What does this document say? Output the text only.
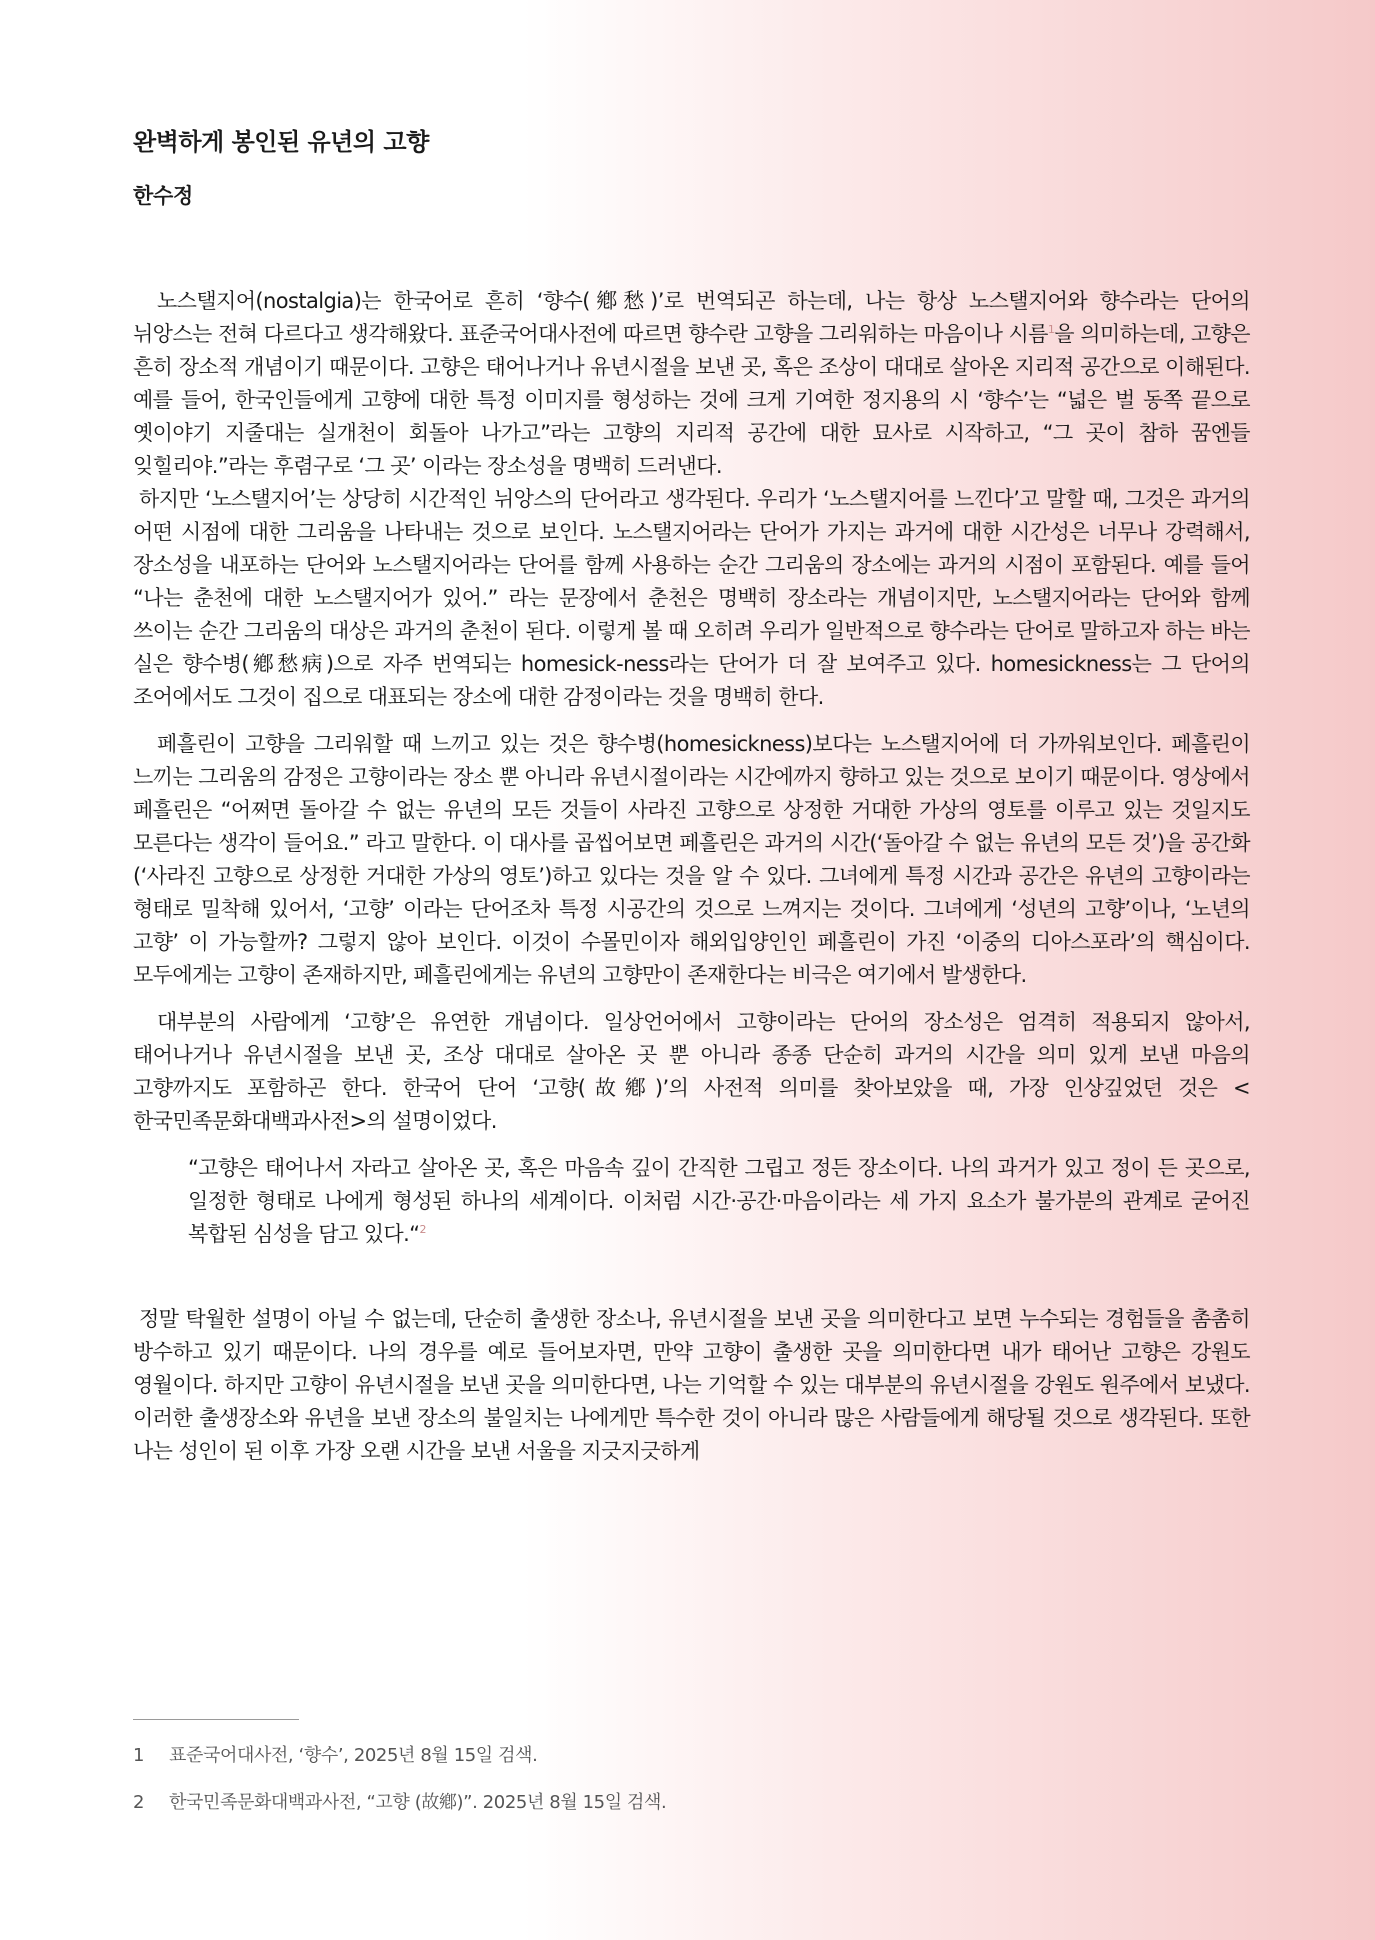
완벽하게 봉인된 유년의 고향
한수정

노스탤지어(nostalgia)는 한국어로 흔히 ‘향수(鄕愁)’로 번역되곤 하는데, 나는 항상 노스탤지어와 향수라는 단어의 뉘앙스는 전혀 다르다고 생각해왔다. 표준국어대사전에 따르면 향수란 고향을 그리워하는 마음이나 시름$^1$을 의미하는데, 고향은 흔히 장소적 개념이기 때문이다. 고향은 태어나거나 유년시절을 보낸 곳, 혹은 조상이 대대로 살아온 지리적 공간으로 이해된다. 예를 들어, 한국인들에게 고향에 대한 특정 이미지를 형성하는 것에 크게 기여한 정지용의 시 ‘향수’는 “넓은 벌 동쪽 끝으로 옛이야기 지줄대는 실개천이 회돌아 나가고”라는 고향의 지리적 공간에 대한 묘사로 시작하고, “그 곳이 참하 꿈엔들 잊힐리야.”라는 후렴구로 ‘그 곳’ 이라는 장소성을 명백히 드러낸다.
하지만 ‘노스탤지어’는 상당히 시간적인 뉘앙스의 단어라고 생각된다. 우리가 ‘노스탤지어를 느낀다’고 말할 때, 그것은 과거의 어떤 시점에 대한 그리움을 나타내는 것으로 보인다. 노스탤지어라는 단어가 가지는 과거에 대한 시간성은 너무나 강력해서, 장소성을 내포하는 단어와 노스탤지어라는 단어를 함께 사용하는 순간 그리움의 장소에는 과거의 시점이 포함된다. 예를 들어 “나는 춘천에 대한 노스탤지어가 있어.” 라는 문장에서 춘천은 명백히 장소라는 개념이지만, 노스탤지어라는 단어와 함께 쓰이는 순간 그리움의 대상은 과거의 춘천이 된다. 이렇게 볼 때 오히려 우리가 일반적으로 향수라는 단어로 말하고자 하는 바는 실은 향수병(鄕愁病)으로 자주 번역되는 homesick-ness라는 단어가 더 잘 보여주고 있다. homesickness는 그 단어의 조어에서도 그것이 집으로 대표되는 장소에 대한 감정이라는 것을 명백히 한다.

페흘린이 고향을 그리워할 때 느끼고 있는 것은 향수병(homesickness)보다는 노스탤지어에 더 가까워보인다. 페흘린이 느끼는 그리움의 감정은 고향이라는 장소 뿐 아니라 유년시절이라는 시간에까지 향하고 있는 것으로 보이기 때문이다. 영상에서 페흘린은 “어쩌면 돌아갈 수 없는 유년의 모든 것들이 사라진 고향으로 상정한 거대한 가상의 영토를 이루고 있는 것일지도 모른다는 생각이 들어요.” 라고 말한다. 이 대사를 곱씹어보면 페흘린은 과거의 시간(‘돌아갈 수 없는 유년의 모든 것’)을 공간화(‘사라진 고향으로 상정한 거대한 가상의 영토’)하고 있다는 것을 알 수 있다. 그녀에게 특정 시간과 공간은 유년의 고향이라는 형태로 밀착해 있어서, ‘고향’ 이라는 단어조차 특정 시공간의 것으로 느껴지는 것이다. 그녀에게 ‘성년의 고향’이나, ‘노년의 고향’ 이 가능할까? 그렇지 않아 보인다. 이것이 수몰민이자 해외입양인인 페흘린이 가진 ‘이중의 디아스포라’의 핵심이다. 모두에게는 고향이 존재하지만, 페흘린에게는 유년의 고향만이 존재한다는 비극은 여기에서 발생한다.

대부분의 사람에게 ‘고향’은 유연한 개념이다. 일상언어에서 고향이라는 단어의 장소성은 엄격히 적용되지 않아서, 태어나거나 유년시절을 보낸 곳, 조상 대대로 살아온 곳 뿐 아니라 종종 단순히 과거의 시간을 의미 있게 보낸 마음의 고향까지도 포함하곤 한다. 한국어 단어 ‘고향(故鄕)’의 사전적 의미를 찾아보았을 때, 가장 인상깊었던 것은 <한국민족문화대백과사전>의 설명이었다.

“고향은 태어나서 자라고 살아온 곳, 혹은 마음속 깊이 간직한 그립고 정든 장소이다. 나의 과거가 있고 정이 든 곳으로, 일정한 형태로 나에게 형성된 하나의 세계이다. 이처럼 시간·공간·마음이라는 세 가지 요소가 불가분의 관계로 굳어진 복합된 심성을 담고 있다.“$^2$

정말 탁월한 설명이 아닐 수 없는데, 단순히 출생한 장소나, 유년시절을 보낸 곳을 의미한다고 보면 누수되는 경험들을 촘촘히 방수하고 있기 때문이다. 나의 경우를 예로 들어보자면, 만약 고향이 출생한 곳을 의미한다면 내가 태어난 고향은 강원도 영월이다. 하지만 고향이 유년시절을 보낸 곳을 의미한다면, 나는 기억할 수 있는 대부분의 유년시절을 강원도 원주에서 보냈다. 이러한 출생장소와 유년을 보낸 장소의 불일치는 나에게만 특수한 것이 아니라 많은 사람들에게 해당될 것으로 생각된다. 또한 나는 성인이 된 이후 가장 오랜 시간을 보낸 서울을 지긋지긋하게

1 표준국어대사전, ‘향수’, 2025년 8월 15일 검색.

2 한국민족문화대백과사전, “고향 (故鄕)”. 2025년 8월 15일 검색.
